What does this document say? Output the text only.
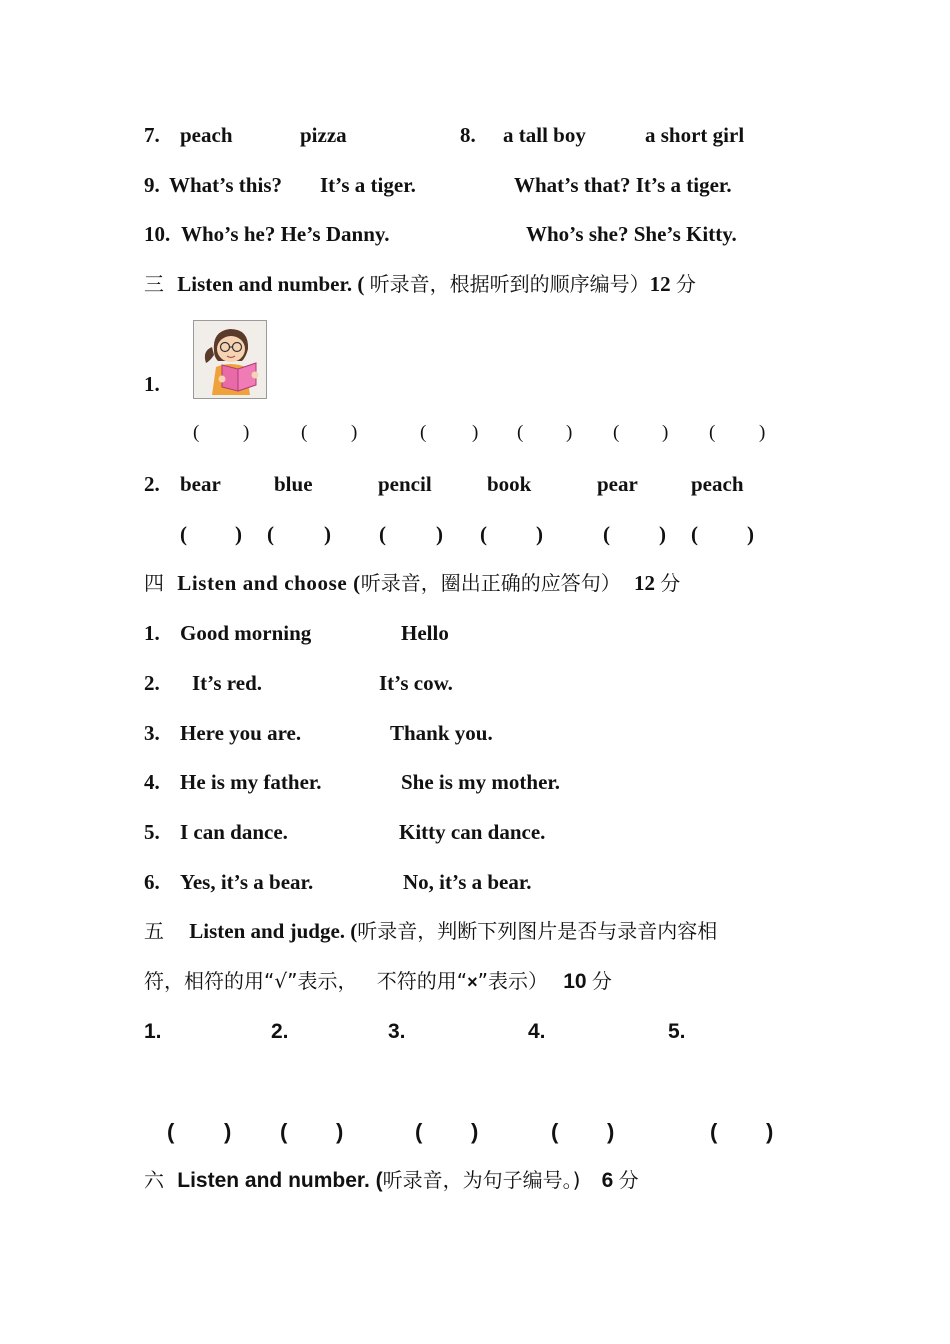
7. peach	pizza	8. a tall boy	a short girl
9. What’s this? It’s a tiger.	What’s that? It’s a tiger.
10. Who’s he? He’s Danny.	Who’s she? She’s Kitty.
三 Listen and number. ( 听录音，根据听到的顺序编号）12 分
1.
( )	( )	( ) ( ) ( ) ( )
2. bear	blue	pencil	book	pear	peach
( ) ( ) ( ) ( )	( ) ( )
四 Listen and choose (听录音，圈出正确的应答句） 12 分
1. Good morning	Hello
2. It’s red.	It’s cow.
3. Here you are.	Thank you.
4. He is my father.	She is my mother.
5. I can dance.	Kitty can dance.
6. Yes, it’s a bear.	No, it’s a bear.
五 Listen and judge. (听录音，判断下列图片是否与录音内容相
符，相符的用“√”表示， 不符的用“×”表示） 10 分
1.	2.	3.	4.	5.
( ) ( )	( )	( )	( )
六 Listen and number. (听录音，为句子编号。) 6 分
